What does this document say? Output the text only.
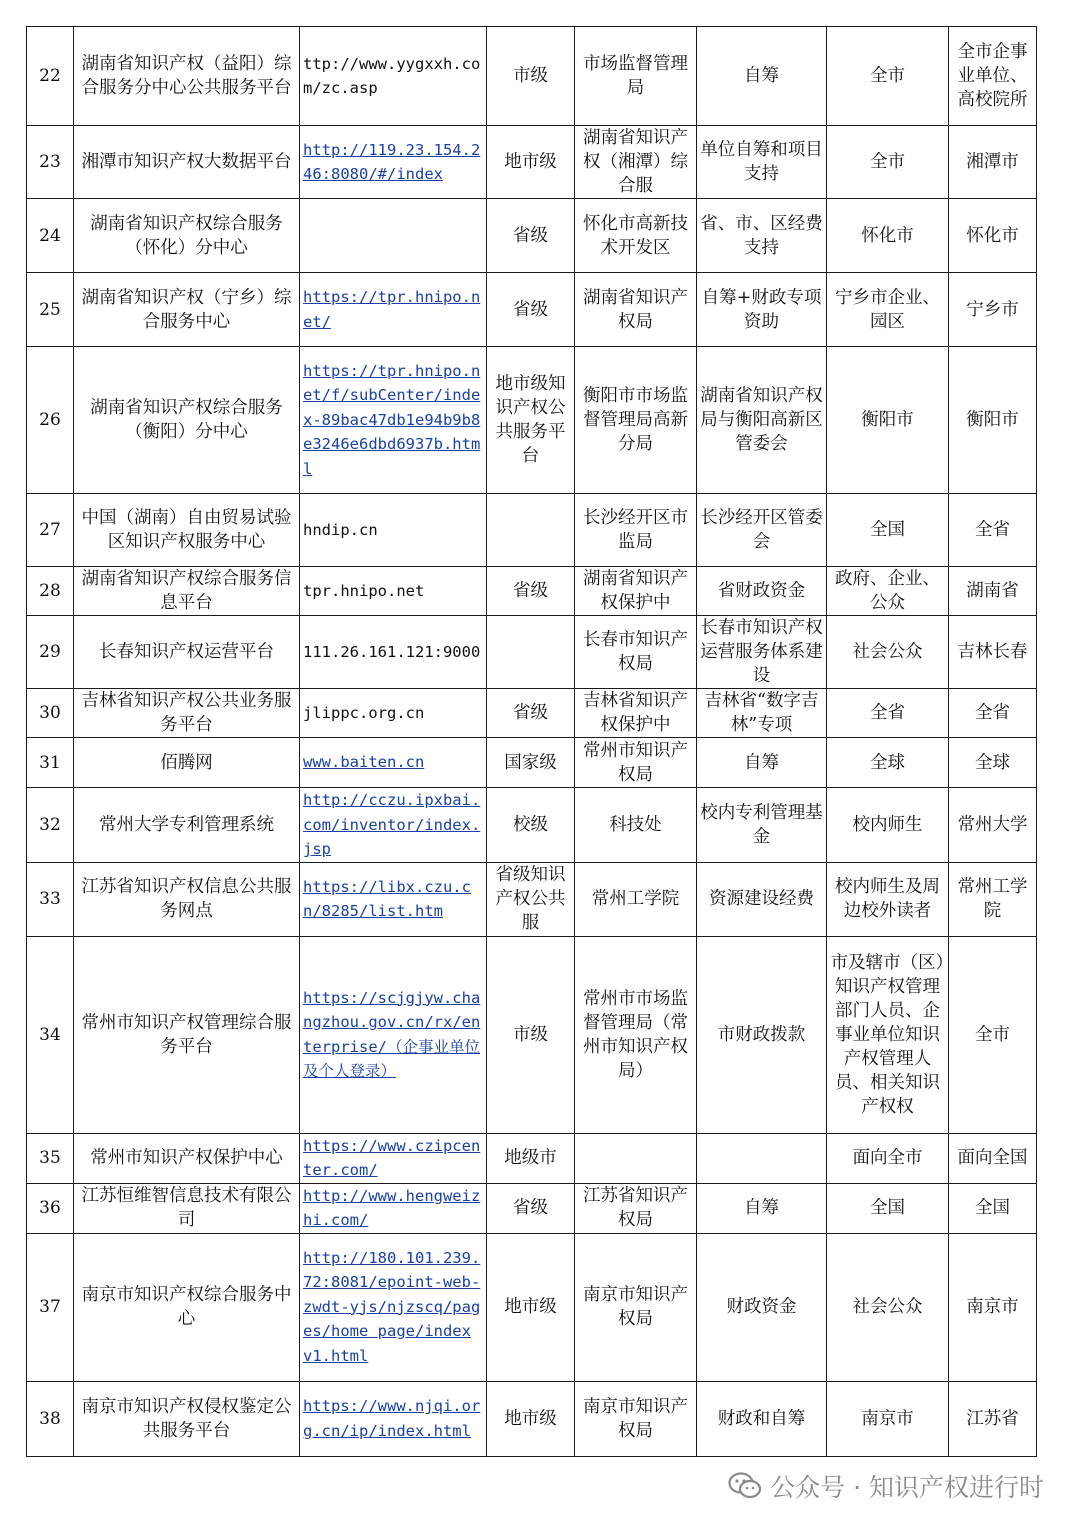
22	湖南省知识产权（益阳）综合服务分中心公共服务平台	ttp://www.yygxxh.com/zc.asp	市级	市场监督管理局	自筹	全市	全市企事业单位、高校院所
23	湘潭市知识产权大数据平台	http://119.23.154.246:8080/#/index	地市级	湖南省知识产权（湘潭）综合服	单位自筹和项目支持	全市	湘潭市
24	湖南省知识产权综合服务（怀化）分中心		省级	怀化市高新技术开发区	省、市、区经费支持	怀化市	怀化市
25	湖南省知识产权（宁乡）综合服务中心	https://tpr.hnipo.net/	省级	湖南省知识产权局	自筹+财政专项资助	宁乡市企业、园区	宁乡市
26	湖南省知识产权综合服务（衡阳）分中心	https://tpr.hnipo.net/f/subCenter/index-89bac47db1e94b9b8e3246e6dbd6937b.html	地市级知识产权公共服务平台	衡阳市市场监督管理局高新分局	湖南省知识产权局与衡阳高新区管委会	衡阳市	衡阳市
27	中国（湖南）自由贸易试验区知识产权服务中心	hndip.cn		长沙经开区市监局	长沙经开区管委会	全国	全省
28	湖南省知识产权综合服务信息平台	tpr.hnipo.net	省级	湖南省知识产权保护中	省财政资金	政府、企业、公众	湖南省
29	长春知识产权运营平台	111.26.161.121:9000		长春市知识产权局	长春市知识产权运营服务体系建设	社会公众	吉林长春
30	吉林省知识产权公共业务服务平台	jlippc.org.cn	省级	吉林省知识产权保护中	吉林省“数字吉林”专项	全省	全省
31	佰腾网	www.baiten.cn	国家级	常州市知识产权局	自筹	全球	全球
32	常州大学专利管理系统	http://cczu.ipxbai.com/inventor/index.jsp	校级	科技处	校内专利管理基金	校内师生	常州大学
33	江苏省知识产权信息公共服务网点	https://libx.czu.cn/8285/list.htm	省级知识产权公共服	常州工学院	资源建设经费	校内师生及周边校外读者	常州工学院
34	常州市知识产权管理综合服务平台	https://scjgjyw.changzhou.gov.cn/rx/enterprise/（企事业单位及个人登录）	市级	常州市市场监督管理局（常州市知识产权局）	市财政拨款	市及辖市（区）知识产权管理部门人员、企事业单位知识产权管理人员、相关知识产权权	全市
35	常州市知识产权保护中心	https://www.czipcenter.com/	地级市			面向全市	面向全国
36	江苏恒维智信息技术有限公司	http://www.hengweizhi.com/	省级	江苏省知识产权局	自筹	全国	全国
37	南京市知识产权综合服务中心	http://180.101.239.72:8081/epoint-web-zwdt-yjs/njzscq/pages/home page/index v1.html	地市级	南京市知识产权局	财政资金	社会公众	南京市
38	南京市知识产权侵权鉴定公共服务平台	https://www.njqi.org.cn/ip/index.html	地市级	南京市知识产权局	财政和自筹	南京市	江苏省
公众号 · 知识产权进行时
